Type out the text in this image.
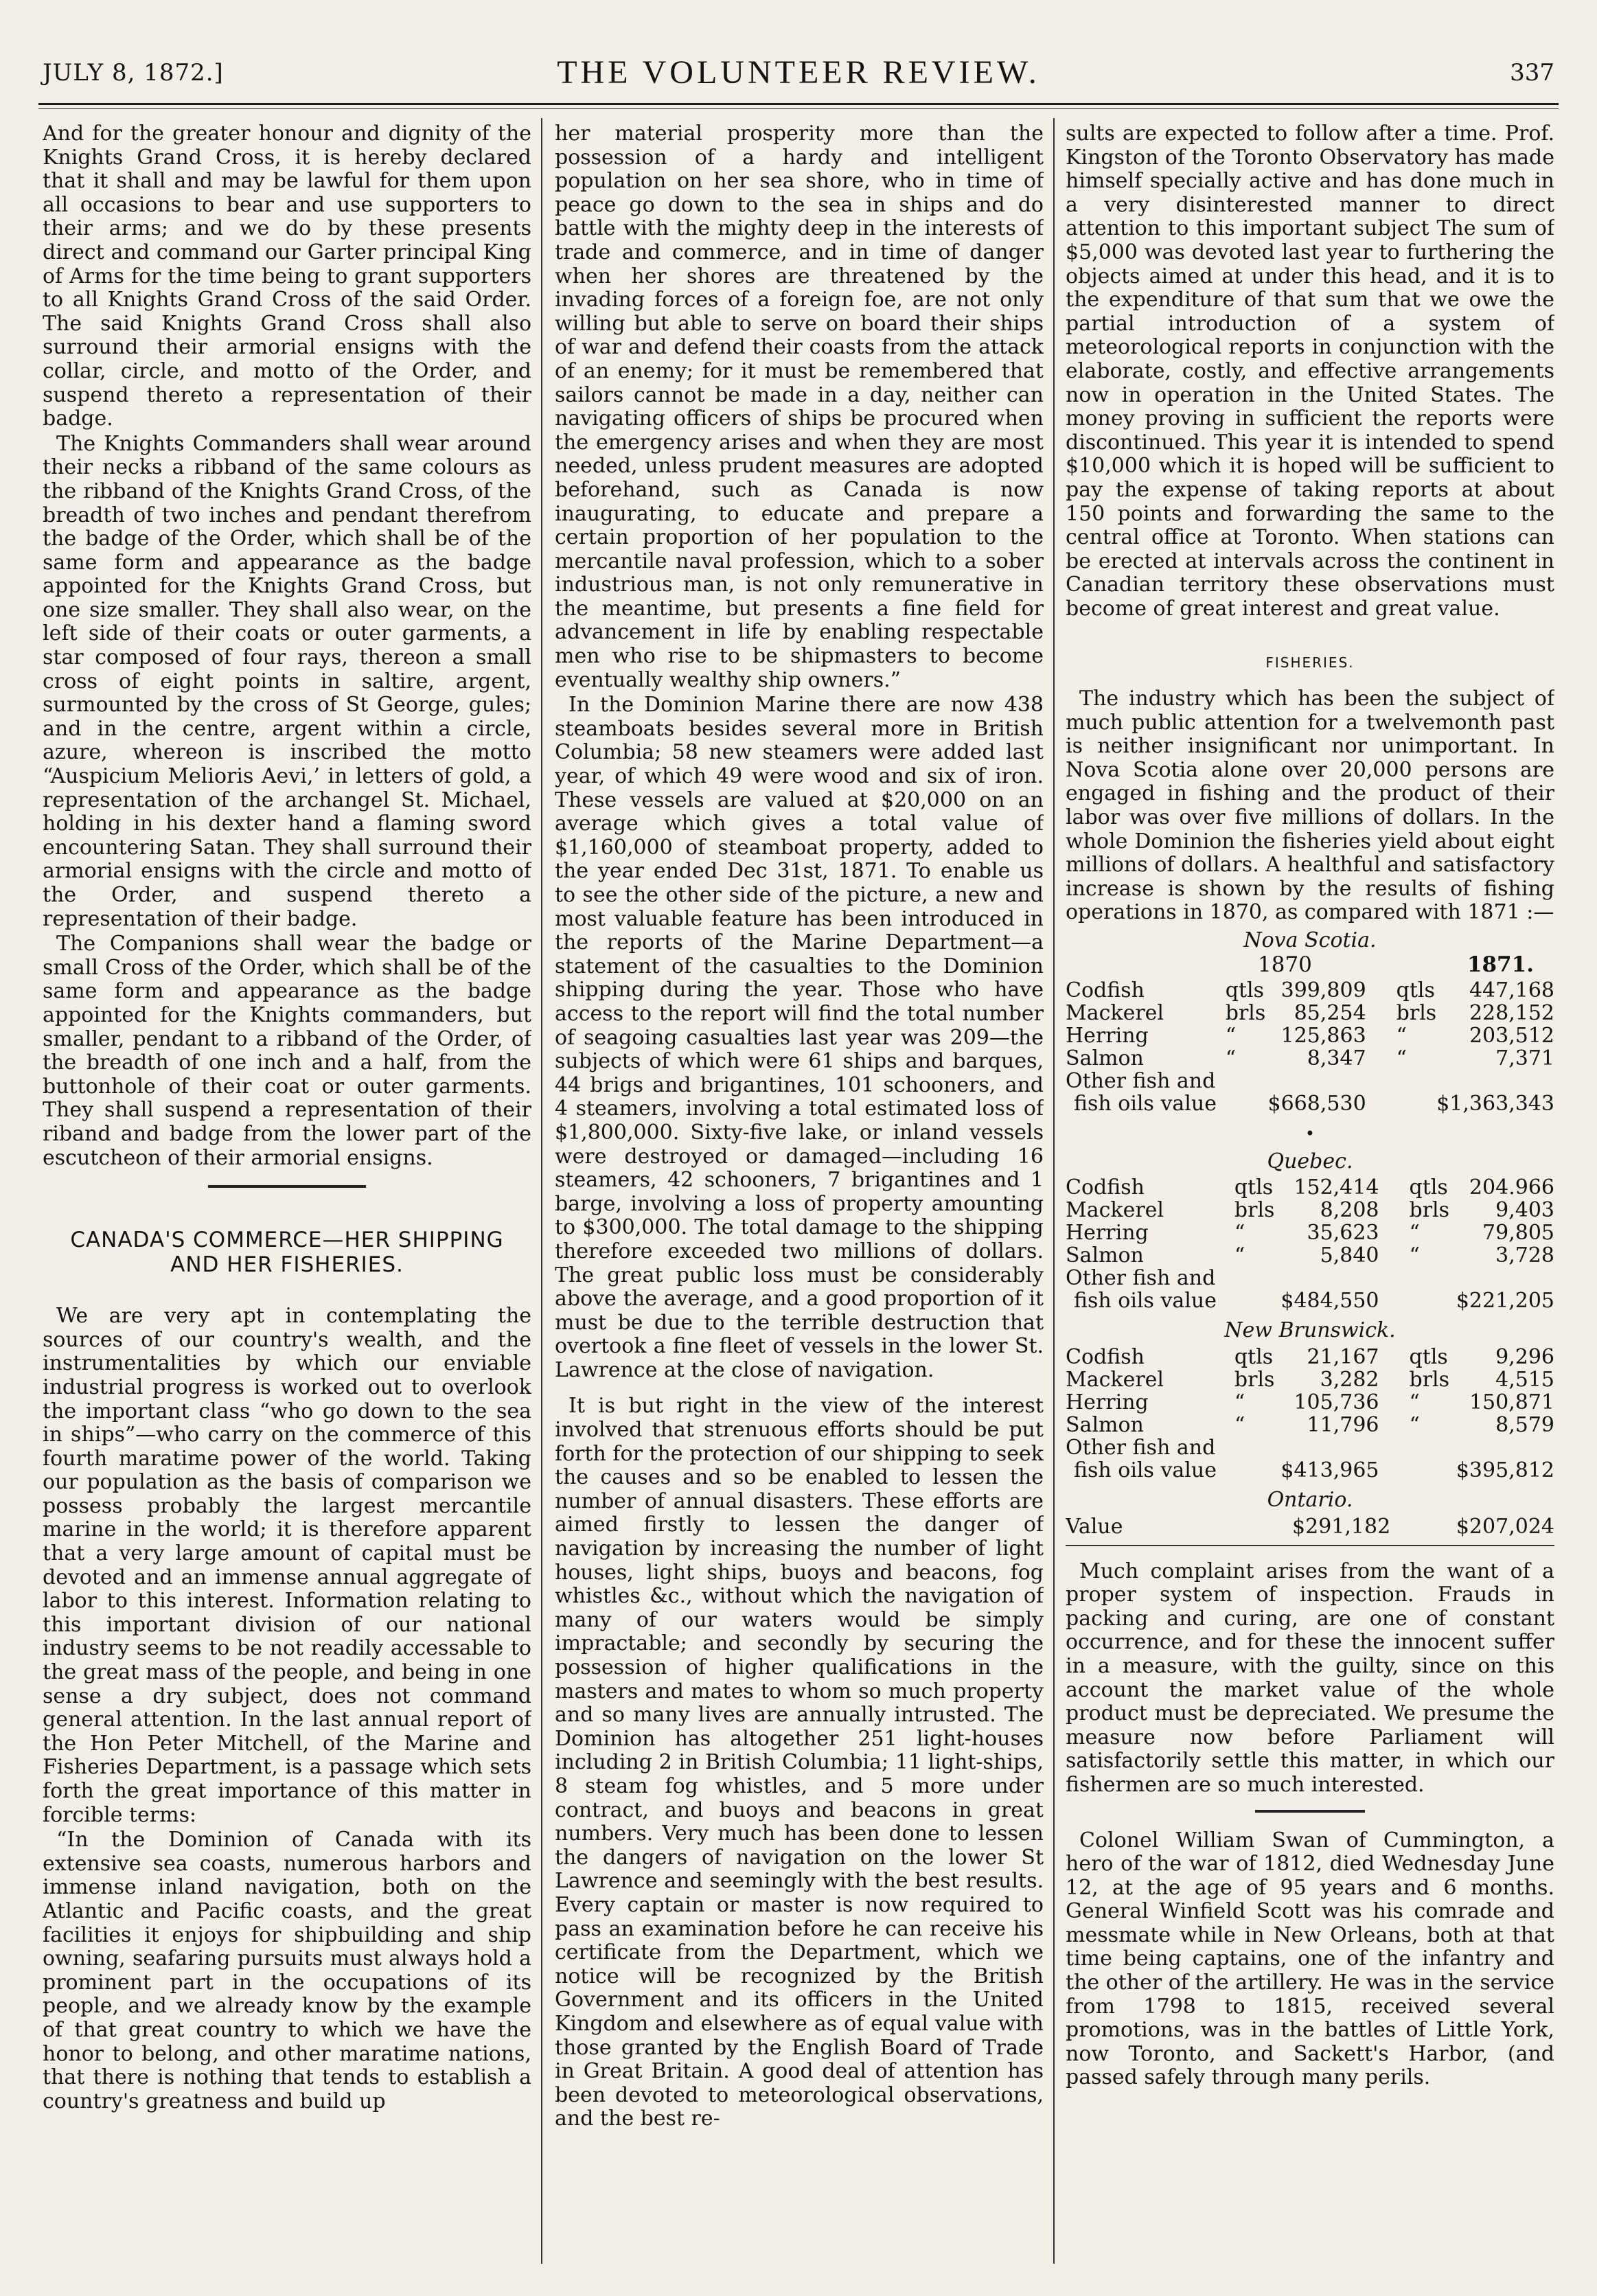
JULY 8, 1872.]	THE VOLUNTEER REVIEW.	337

And for the greater honour and dignity of the Knights Grand Cross, it is hereby declared that it shall and may be lawful for them upon all occasions to bear and use supporters to their arms; and we do by these presents direct and command our Garter principal King of Arms for the time being to grant supporters to all Knights Grand Cross of the said Order. The said Knights Grand Cross shall also surround their armorial ensigns with the collar, circle, and motto of the Order, and suspend thereto a representation of their badge.

The Knights Commanders shall wear around their necks a ribband of the same colours as the ribband of the Knights Grand Cross, of the breadth of two inches and pendant therefrom the badge of the Order, which shall be of the same form and appearance as the badge appointed for the Knights Grand Cross, but one size smaller. They shall also wear, on the left side of their coats or outer garments, a star composed of four rays, thereon a small cross of eight points in saltire, argent, surmounted by the cross of St George, gules; and in the centre, argent within a circle, azure, whereon is inscribed the motto “Auspicium Melioris Aevi,’ in letters of gold, a representation of the archangel St. Michael, holding in his dexter hand a flaming sword encountering Satan. They shall surround their armorial ensigns with the circle and motto of the Order, and suspend thereto a representation of their badge.

The Companions shall wear the badge or small Cross of the Order, which shall be of the same form and appearance as the badge appointed for the Knights commanders, but smaller, pendant to a ribband of the Order, of the breadth of one inch and a half, from the buttonhole of their coat or outer garments. They shall suspend a representation of their riband and badge from the lower part of the escutcheon of their armorial ensigns.

CANADA'S COMMERCE—HER SHIPPING AND HER FISHERIES.

We are very apt in contemplating the sources of our country's wealth, and the instrumentalities by which our enviable industrial progress is worked out to overlook the important class “who go down to the sea in ships”—who carry on the commerce of this fourth maratime power of the world. Taking our population as the basis of comparison we possess probably the largest mercantile marine in the world; it is therefore apparent that a very large amount of capital must be devoted and an immense annual aggregate of labor to this interest. Information relating to this important division of our national industry seems to be not readily accessable to the great mass of the people, and being in one sense a dry subject, does not command general attention. In the last annual report of the Hon Peter Mitchell, of the Marine and Fisheries Department, is a passage which sets forth the great importance of this matter in forcible terms:

“In the Dominion of Canada with its extensive sea coasts, numerous harbors and immense inland navigation, both on the Atlantic and Pacific coasts, and the great facilities it enjoys for shipbuilding and ship owning, seafaring pursuits must always hold a prominent part in the occupations of its people, and we already know by the example of that great country to which we have the honor to belong, and other maratime nations, that there is nothing that tends to establish a country's greatness and build up

her material prosperity more than the possession of a hardy and intelligent population on her sea shore, who in time of peace go down to the sea in ships and do battle with the mighty deep in the interests of trade and commerce, and in time of danger when her shores are threatened by the invading forces of a foreign foe, are not only willing but able to serve on board their ships of war and defend their coasts from the attack of an enemy; for it must be remembered that sailors cannot be made in a day, neither can navigating officers of ships be procured when the emergency arises and when they are most needed, unless prudent measures are adopted beforehand, such as Canada is now inaugurating, to educate and prepare a certain proportion of her population to the mercantile naval profession, which to a sober industrious man, is not only remunerative in the meantime, but presents a fine field for advancement in life by enabling respectable men who rise to be shipmasters to become eventually wealthy ship owners.”

In the Dominion Marine there are now 438 steamboats besides several more in British Columbia; 58 new steamers were added last year, of which 49 were wood and six of iron. These vessels are valued at $20,000 on an average which gives a total value of $1,160,000 of steamboat property, added to the year ended Dec 31st, 1871. To enable us to see the other side of the picture, a new and most valuable feature has been introduced in the reports of the Marine Department—a statement of the casualties to the Dominion shipping during the year. Those who have access to the report will find the total number of seagoing casualties last year was 209—the subjects of which were 61 ships and barques, 44 brigs and brigantines, 101 schooners, and 4 steamers, involving a total estimated loss of $1,800,000. Sixty-five lake, or inland vessels were destroyed or damaged—including 16 steamers, 42 schooners, 7 brigantines and 1 barge, involving a loss of property amounting to $300,000. The total damage to the shipping therefore exceeded two millions of dollars. The great public loss must be considerably above the average, and a good proportion of it must be due to the terrible destruction that overtook a fine fleet of vessels in the lower St. Lawrence at the close of navigation.

It is but right in the view of the interest involved that strenuous efforts should be put forth for the protection of our shipping to seek the causes and so be enabled to lessen the number of annual disasters. These efforts are aimed firstly to lessen the danger of navigation by increasing the number of light houses, light ships, buoys and beacons, fog whistles &c., without which the navigation of many of our waters would be simply impractable; and secondly by securing the possession of higher qualifications in the masters and mates to whom so much property and so many lives are annually intrusted. The Dominion has altogether 251 light-houses including 2 in British Columbia; 11 light-ships, 8 steam fog whistles, and 5 more under contract, and buoys and beacons in great numbers. Very much has been done to lessen the dangers of navigation on the lower St Lawrence and seemingly with the best results. Every captain or master is now required to pass an examination before he can receive his certificate from the Department, which we notice will be recognized by the British Government and its officers in the United Kingdom and elsewhere as of equal value with those granted by the English Board of Trade in Great Britain. A good deal of attention has been devoted to meteorological observations, and the best re-

sults are expected to follow after a time. Prof. Kingston of the Toronto Observatory has made himself specially active and has done much in a very disinterested manner to direct attention to this important subject The sum of $5,000 was devoted last year to furthering the objects aimed at under this head, and it is to the expenditure of that sum that we owe the partial introduction of a system of meteorological reports in conjunction with the elaborate, costly, and effective arrangements now in operation in the United States. The money proving in sufficient the reports were discontinued. This year it is intended to spend $10,000 which it is hoped will be sufficient to pay the expense of taking reports at about 150 points and forwarding the same to the central office at Toronto. When stations can be erected at intervals across the continent in Canadian territory these observations must become of great interest and great value.

FISHERIES.

The industry which has been the subject of much public attention for a twelvemonth past is neither insignificant nor unimportant. In Nova Scotia alone over 20,000 persons are engaged in fishing and the product of their labor was over five millions of dollars. In the whole Dominion the fisheries yield about eight millions of dollars. A healthful and satisfactory increase is shown by the results of fishing operations in 1870, as compared with 1871 :—

Nova Scotia.
1870	1871.
Codfish	qtls	399,809	qtls	447,168
Mackerel	brls	85,254	brls	228,152
Herring	“	125,863	“	203,512
Salmon	“	8,347	“	7,371
Other fish and				
fish oils value		$668,530		$1,363,343
•
Quebec.
Codfish	qtls	152,414	qtls	204.966
Mackerel	brls	8,208	brls	9,403
Herring	“	35,623	“	79,805
Salmon	“	5,840	“	3,728
Other fish and				
fish oils value		$484,550		$221,205
New Brunswick.
Codfish	qtls	21,167	qtls	9,296
Mackerel	brls	3,282	brls	4,515
Herring	“	105,736	“	150,871
Salmon	“	11,796	“	8,579
Other fish and				
fish oils value		$413,965		$395,812
Ontario.
Value		$291,182		$207,024

Much complaint arises from the want of a proper system of inspection. Frauds in packing and curing, are one of constant occurrence, and for these the innocent suffer in a measure, with the guilty, since on this account the market value of the whole product must be depreciated. We presume the measure now before Parliament will satisfactorily settle this matter, in which our fishermen are so much interested.

Colonel William Swan of Cummington, a hero of the war of 1812, died Wednesday June 12, at the age of 95 years and 6 months. General Winfield Scott was his comrade and messmate while in New Orleans, both at that time being captains, one of the infantry and the other of the artillery. He was in the service from 1798 to 1815, received several promotions, was in the battles of Little York, now Toronto, and Sackett's Harbor, (and passed safely through many perils.
